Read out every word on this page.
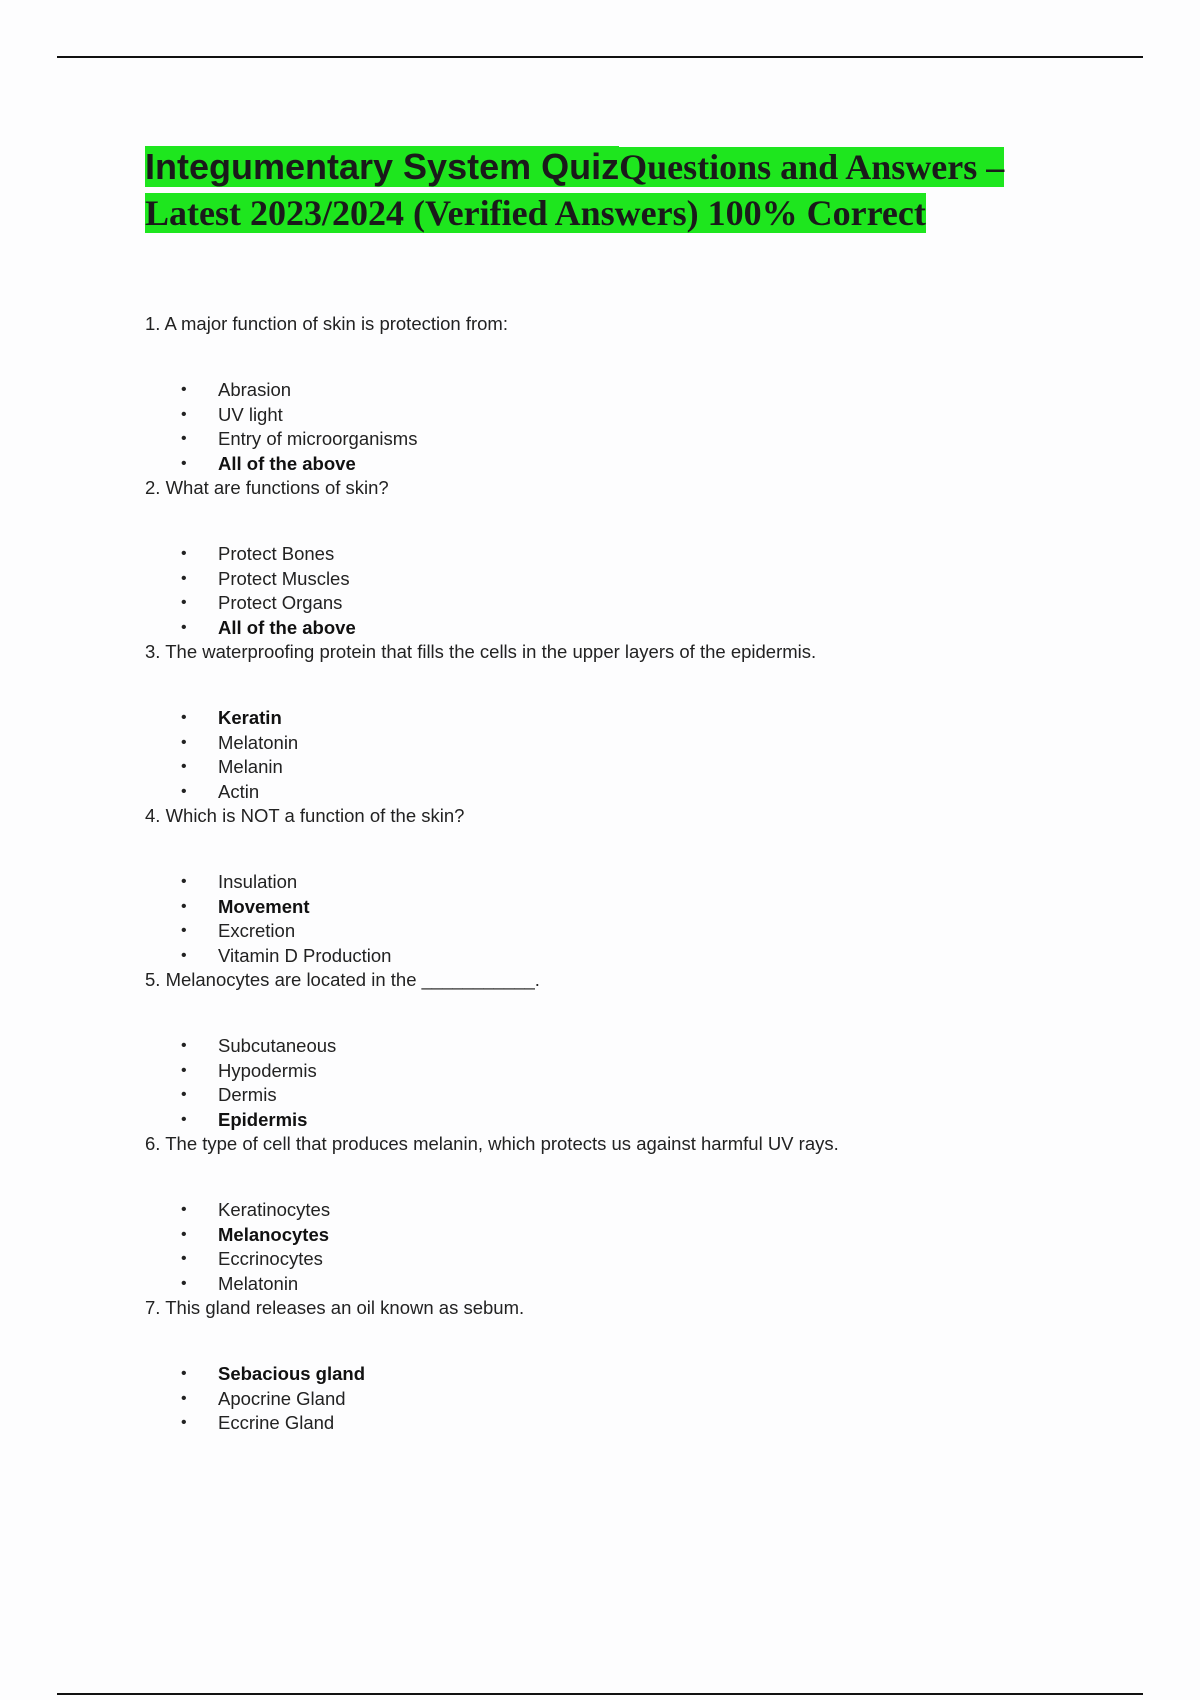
Integumentary System QuizQuestions and Answers – Latest 2023/2024 (Verified Answers) 100% Correct

1. A major function of skin is protection from:

• Abrasion
• UV light
• Entry of microorganisms
• All of the above

2. What are functions of skin?

• Protect Bones
• Protect Muscles
• Protect Organs
• All of the above

3. The waterproofing protein that fills the cells in the upper layers of the epidermis.

• Keratin
• Melatonin
• Melanin
• Actin

4. Which is NOT a function of the skin?

• Insulation
• Movement
• Excretion
• Vitamin D Production

5. Melanocytes are located in the ___________.

• Subcutaneous
• Hypodermis
• Dermis
• Epidermis

6. The type of cell that produces melanin, which protects us against harmful UV rays.

• Keratinocytes
• Melanocytes
• Eccrinocytes
• Melatonin

7. This gland releases an oil known as sebum.

• Sebacious gland
• Apocrine Gland
• Eccrine Gland
